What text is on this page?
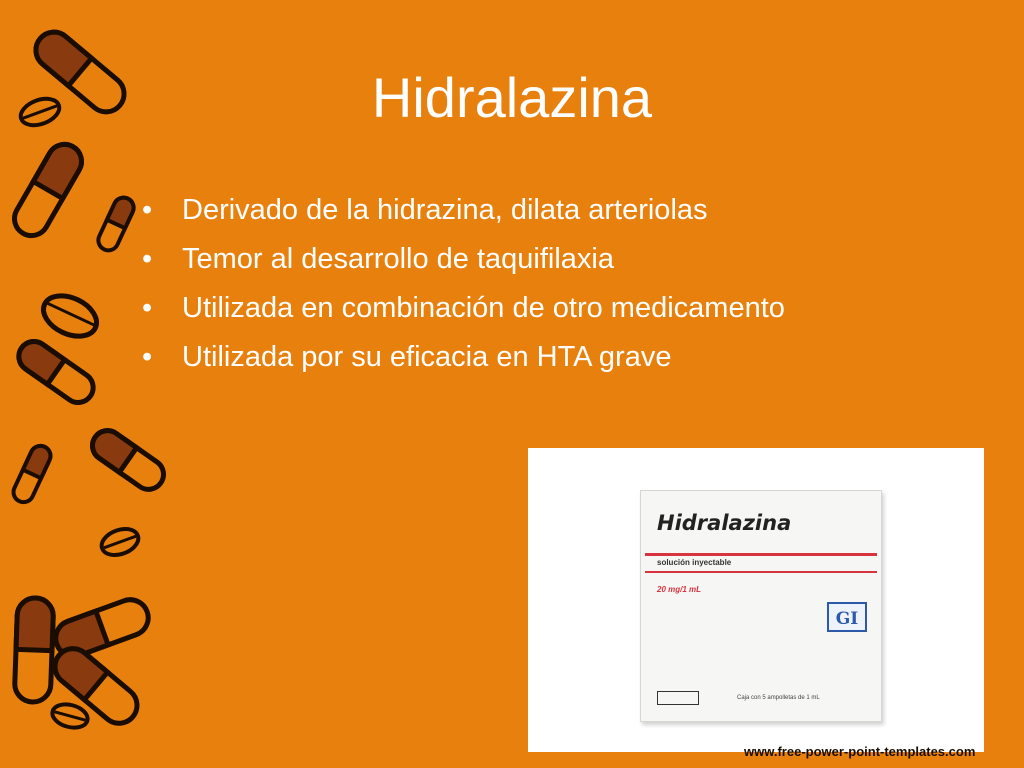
Hidralazina
• Derivado de la hidrazina, dilata arteriolas
• Temor al desarrollo de taquifilaxia
• Utilizada en combinación de otro medicamento
• Utilizada por su eficacia en HTA grave
Hidralazina
solución inyectable
20 mg/1 mL
GI
Caja con 5 ampolletas de 1 mL
www.free-power-point-templates.com
